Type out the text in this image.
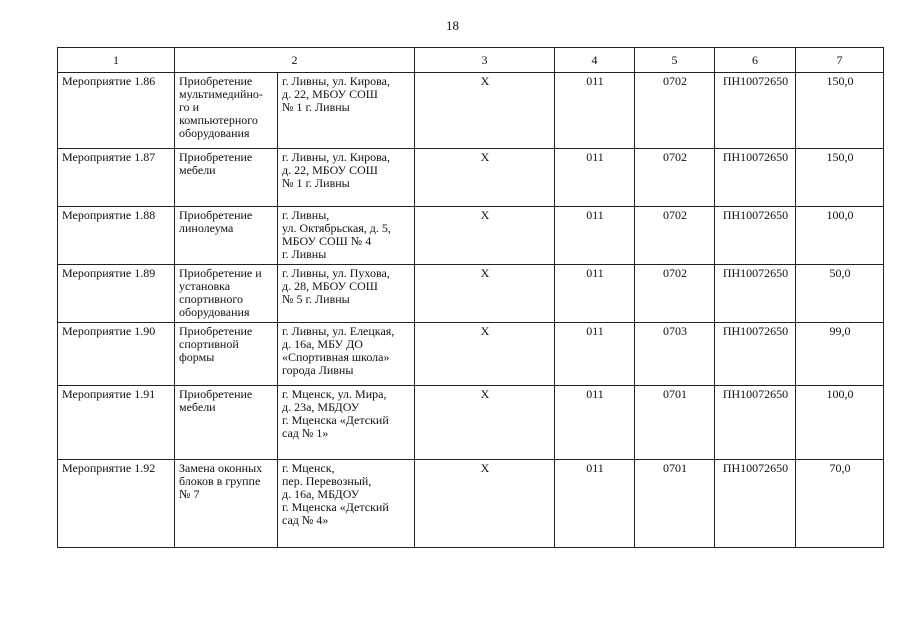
18
1	2		3	4	5	6	7

Мероприятие 1.86	Приобретение
мультимедийно-
го и
компьютерного
оборудования	г. Ливны, ул. Кирова,
д. 22, МБОУ СОШ
№ 1 г. Ливны	Х	011	0702	ПН10072650	150,0

Мероприятие 1.87	Приобретение
мебели	г. Ливны, ул. Кирова,
д. 22, МБОУ СОШ
№ 1 г. Ливны	Х	011	0702	ПН10072650	150,0

Мероприятие 1.88	Приобретение
линолеума	г. Ливны,
ул. Октябрьская, д. 5,
МБОУ СОШ № 4
г. Ливны	Х	011	0702	ПН10072650	100,0

Мероприятие 1.89	Приобретение и
установка
спортивного
оборудования	г. Ливны, ул. Пухова,
д. 28, МБОУ СОШ
№ 5 г. Ливны	Х	011	0702	ПН10072650	50,0

Мероприятие 1.90	Приобретение
спортивной
формы	г. Ливны, ул. Елецкая,
д. 16а, МБУ ДО
«Спортивная школа»
города Ливны	Х	011	0703	ПН10072650	99,0

Мероприятие 1.91	Приобретение
мебели	г. Мценск, ул. Мира,
д. 23а, МБДОУ
г. Мценска «Детский
сад № 1»	Х	011	0701	ПН10072650	100,0

Мероприятие 1.92	Замена оконных
блоков в группе
№ 7	г. Мценск,
пер. Перевозный,
д. 16а, МБДОУ
г. Мценска «Детский
сад № 4»	Х	011	0701	ПН10072650	70,0
